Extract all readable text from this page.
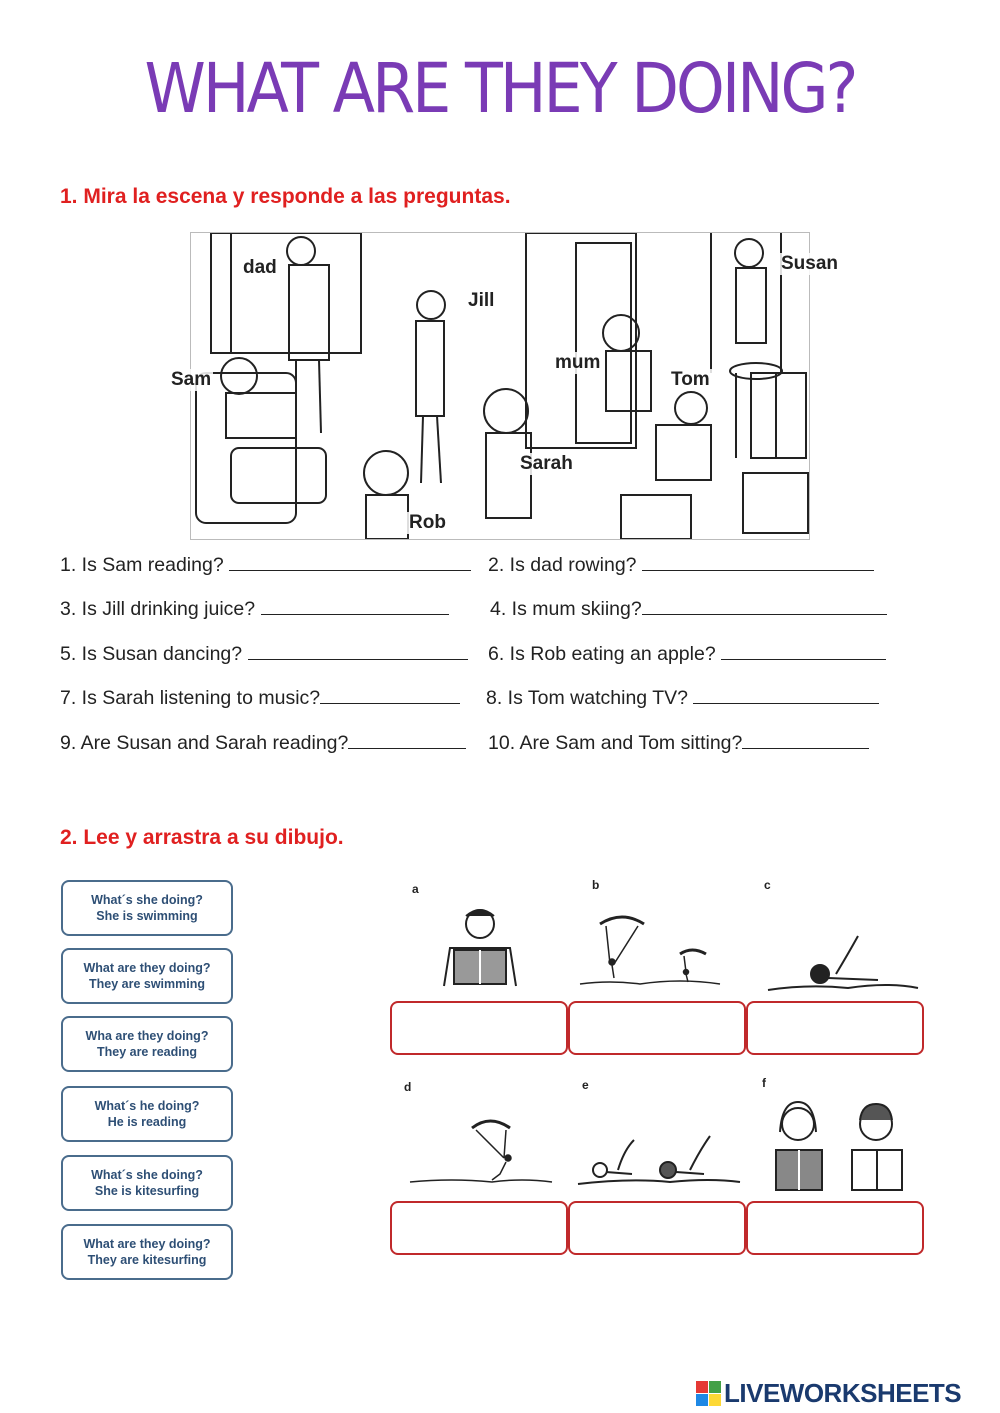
WHAT ARE THEY DOING?
1. Mira la escena y responde a las preguntas.
dad
Jill
Susan
Sam
mum
Tom
Sarah
Rob
1. Is Sam reading?	2. Is dad rowing?
3. Is Jill drinking juice?	4. Is mum skiing?
5. Is Susan dancing?	6. Is Rob eating an apple?
7. Is Sarah listening to music?	8. Is Tom watching TV?
9. Are Susan and Sarah reading?	10. Are Sam and Tom sitting?
2. Lee y arrastra a su dibujo.
What´s she doing?
She is swimming
What are they doing?
They are swimming
Wha are they doing?
They are reading
What´s he doing?
He is reading
What´s she doing?
She is kitesurfing
What are they doing?
They are kitesurfing
a	b	c
d	e	f
LIVEWORKSHEETS
